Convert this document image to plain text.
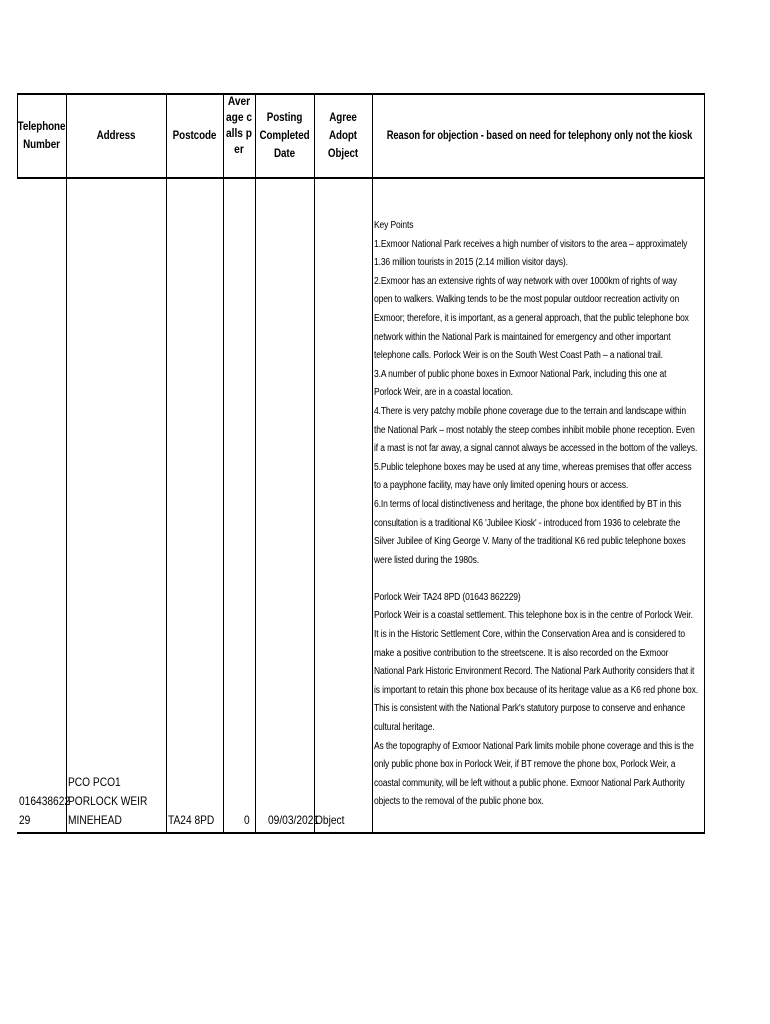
Telephone
Number
Address	Postcode
Average calls per
Posting
Completed
Date
Agree
Adopt
Object
Reason for objection - based on need for telephony only not the kiosk
016438622
29
PCO PCO1
PORLOCK WEIR
MINEHEAD	TA24 8PD 0 09/03/2021
Object

Key Points

1.Exmoor National Park receives a high number of visitors to the area – approximately

1.36 million tourists in 2015 (2.14 million visitor days).

2.Exmoor has an extensive rights of way network with over 1000km of rights of way

open to walkers. Walking tends to be the most popular outdoor recreation activity on

Exmoor; therefore, it is important, as a general approach, that the public telephone box

network within the National Park is maintained for emergency and other important

telephone calls. Porlock Weir is on the South West Coast Path – a national trail.

3.A number of public phone boxes in Exmoor National Park, including this one at

Porlock Weir, are in a coastal location.

4.There is very patchy mobile phone coverage due to the terrain and landscape within

the National Park – most notably the steep combes inhibit mobile phone reception. Even

if a mast is not far away, a signal cannot always be accessed in the bottom of the valleys.

5.Public telephone boxes may be used at any time, whereas premises that offer access

to a payphone facility, may have only limited opening hours or access.

6.In terms of local distinctiveness and heritage, the phone box identified by BT in this

consultation is a traditional K6 'Jubilee Kiosk' - introduced from 1936 to celebrate the

Silver Jubilee of King George V. Many of the traditional K6 red public telephone boxes

were listed during the 1980s.

Porlock Weir TA24 8PD (01643 862229)

Porlock Weir is a coastal settlement. This telephone box is in the centre of Porlock Weir.

It is in the Historic Settlement Core, within the Conservation Area and is considered to

make a positive contribution to the streetscene. It is also recorded on the Exmoor

National Park Historic Environment Record. The National Park Authority considers that it

is important to retain this phone box because of its heritage value as a K6 red phone box.

This is consistent with the National Park's statutory purpose to conserve and enhance

cultural heritage.

As the topography of Exmoor National Park limits mobile phone coverage and this is the

only public phone box in Porlock Weir, if BT remove the phone box, Porlock Weir, a

coastal community, will be left without a public phone. Exmoor National Park Authority

objects to the removal of the public phone box.
